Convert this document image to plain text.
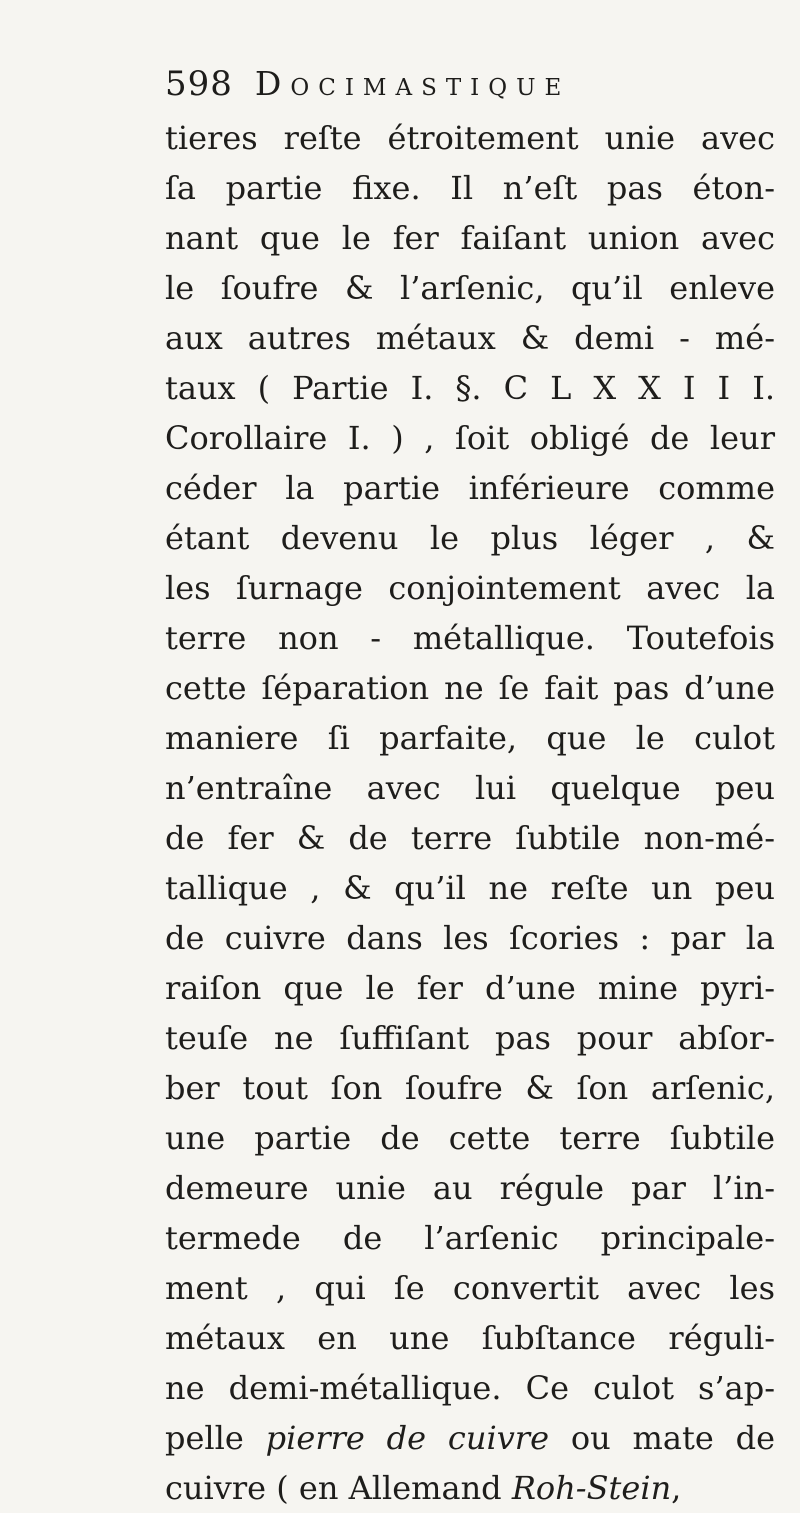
598 Docimastique
tieres reſte étroitement unie avec
ſa partie fixe. Il n’eſt pas éton-
nant que le fer faiſant union avec
le ſoufre & l’arſenic, qu’il enleve
aux autres métaux & demi - mé-
taux ( Partie I. §. C L X X I I I.
Corollaire I. ) , ſoit obligé de leur
céder la partie inférieure comme
étant devenu le plus léger , &
les ſurnage conjointement avec la
terre non - métallique. Toutefois
cette ſéparation ne ſe fait pas d’une
maniere ſi parfaite, que le culot
n’entraîne avec lui quelque peu
de fer & de terre ſubtile non-mé-
tallique , & qu’il ne reſte un peu
de cuivre dans les ſcories : par la
raiſon que le fer d’une mine pyri-
teuſe ne ſuffiſant pas pour abſor-
ber tout ſon ſoufre & ſon arſenic,
une partie de cette terre ſubtile
demeure unie au régule par l’in-
termede de l’arſenic principale-
ment , qui ſe convertit avec les
métaux en une ſubſtance réguli-
ne demi-métallique. Ce culot s’ap-
pelle pierre de cuivre ou mate de
cuivre ( en Allemand Roh-Stein,
